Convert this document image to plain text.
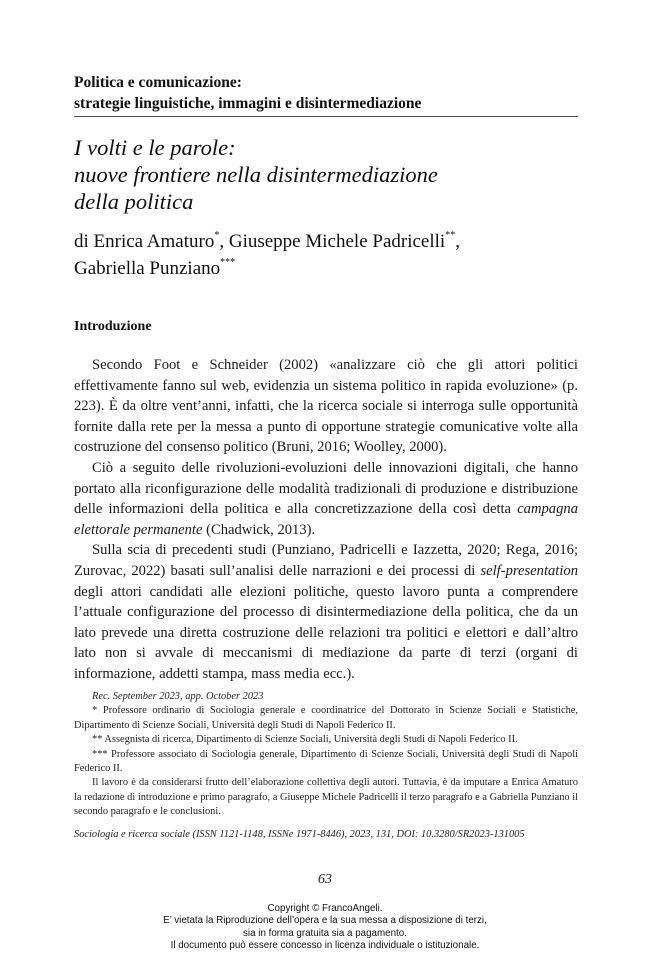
Politica e comunicazione:
strategie linguistiche, immagini e disintermediazione
I volti e le parole:
nuove frontiere nella disintermediazione
della politica
di Enrica Amaturo*, Giuseppe Michele Padricelli**,
Gabriella Punziano***
Introduzione

Secondo Foot e Schneider (2002) «analizzare ciò che gli attori politici effettivamente fanno sul web, evidenzia un sistema politico in rapida evoluzione» (p. 223). È da oltre vent’anni, infatti, che la ricerca sociale si interroga sulle opportunità fornite dalla rete per la messa a punto di opportune strategie comunicative volte alla costruzione del consenso politico (Bruni, 2016; Woolley, 2000).

Ciò a seguito delle rivoluzioni-evoluzioni delle innovazioni digitali, che hanno portato alla riconfigurazione delle modalità tradizionali di produzione e distribuzione delle informazioni della politica e alla concretizzazione della così detta campagna elettorale permanente (Chadwick, 2013).

Sulla scia di precedenti studi (Punziano, Padricelli e Iazzetta, 2020; Rega, 2016; Zurovac, 2022) basati sull’analisi delle narrazioni e dei processi di self-presentation degli attori candidati alle elezioni politiche, questo lavoro punta a comprendere l’attuale configurazione del processo di disintermediazione della politica, che da un lato prevede una diretta costruzione delle relazioni tra politici e elettori e dall’altro lato non si avvale di meccanismi di mediazione da parte di terzi (organi di informazione, addetti stampa, mass media ecc.).

Rec. September 2023, app. October 2023

* Professore ordinario di Sociologia generale e coordinatrice del Dottorato in Scienze Sociali e Statistiche, Dipartimento di Scienze Sociali, Università degli Studi di Napoli Federico II.

** Assegnista di ricerca, Dipartimento di Scienze Sociali, Università degli Studi di Napoli Federico II.

*** Professore associato di Sociologia generale, Dipartimento di Scienze Sociali, Università degli Studi di Napoli Federico II.

Il lavoro è da considerarsi frutto dell’elaborazione collettiva degli autori. Tuttavia, è da imputare a Enrica Amaturo la redazione di introduzione e primo paragrafo, a Giuseppe Michele Padricelli il terzo paragrafo e a Gabriella Punziano il secondo paragrafo e le conclusioni.

Sociologia e ricerca sociale (ISSN 1121-1148, ISSNe 1971-8446), 2023, 131, DOI: 10.3280/SR2023-131005

63
Copyright © FrancoAngeli.
E’ vietata la Riproduzione dell’opera e la sua messa a disposizione di terzi,
sia in forma gratuita sia a pagamento.
Il documento può essere concesso in licenza individuale o istituzionale.
